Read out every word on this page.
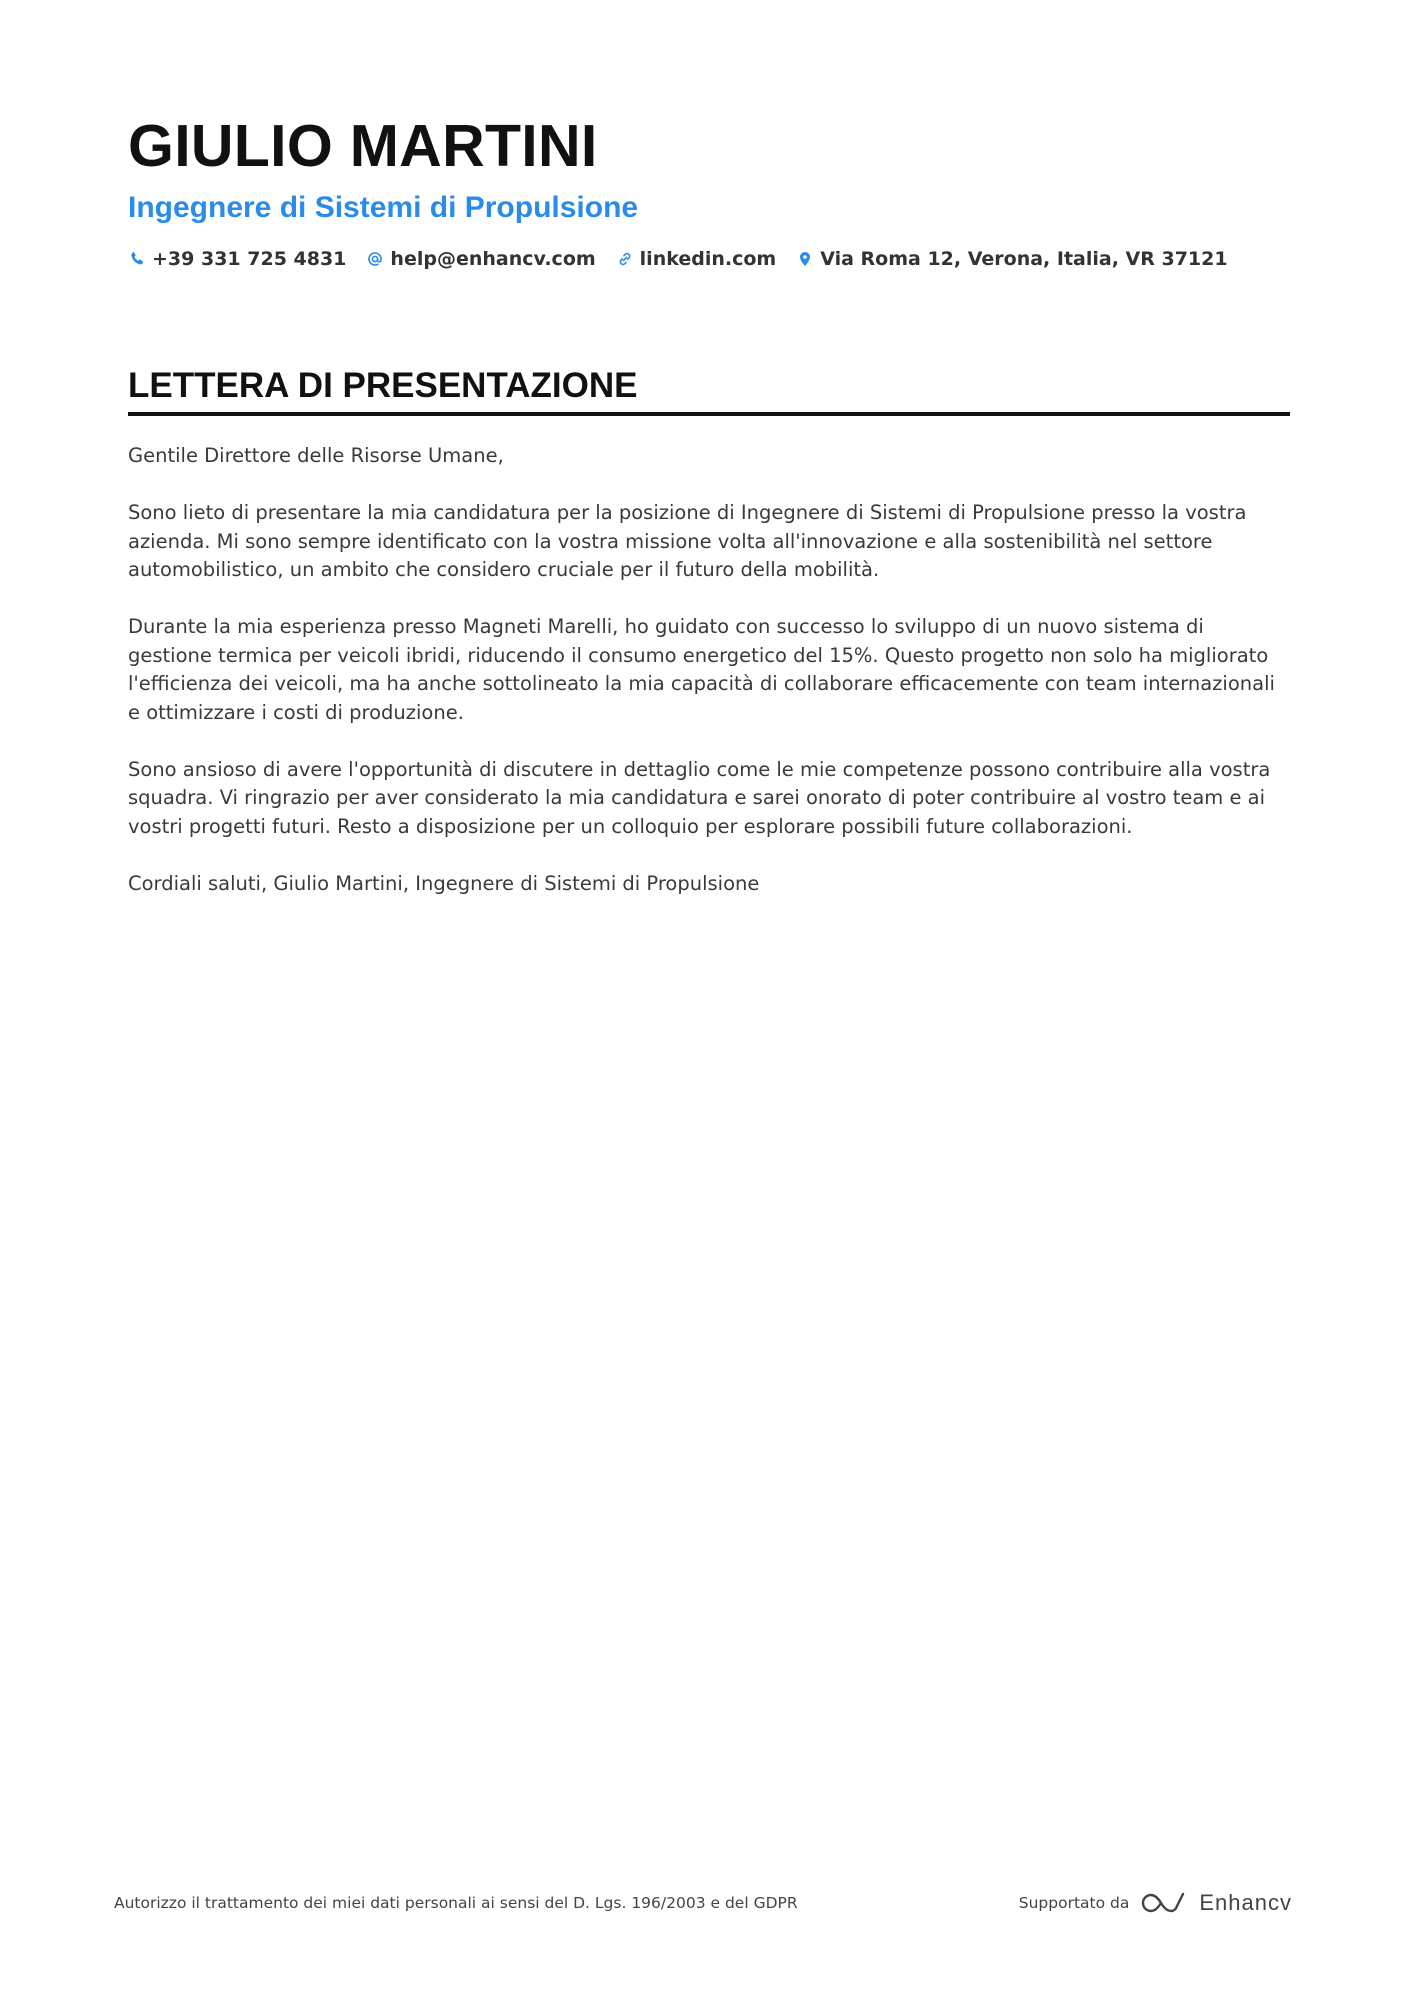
GIULIO MARTINI
Ingegnere di Sistemi di Propulsione
+39 331 725 4831 help@enhancv.com linkedin.com Via Roma 12, Verona, Italia, VR 37121
LETTERA DI PRESENTAZIONE

Gentile Direttore delle Risorse Umane,

Sono lieto di presentare la mia candidatura per la posizione di Ingegnere di Sistemi di Propulsione presso la vostra azienda. Mi sono sempre identificato con la vostra missione volta all'innovazione e alla sostenibilità nel settore automobilistico, un ambito che considero cruciale per il futuro della mobilità.

Durante la mia esperienza presso Magneti Marelli, ho guidato con successo lo sviluppo di un nuovo sistema di gestione termica per veicoli ibridi, riducendo il consumo energetico del 15%. Questo progetto non solo ha migliorato l'efficienza dei veicoli, ma ha anche sottolineato la mia capacità di collaborare efficacemente con team internazionali e ottimizzare i costi di produzione.

Sono ansioso di avere l'opportunità di discutere in dettaglio come le mie competenze possono contribuire alla vostra squadra. Vi ringrazio per aver considerato la mia candidatura e sarei onorato di poter contribuire al vostro team e ai vostri progetti futuri. Resto a disposizione per un colloquio per esplorare possibili future collaborazioni.

Cordiali saluti, Giulio Martini, Ingegnere di Sistemi di Propulsione

Autorizzo il trattamento dei miei dati personali ai sensi del D. Lgs. 196/2003 e del GDPR	Supportato da	Enhancv
